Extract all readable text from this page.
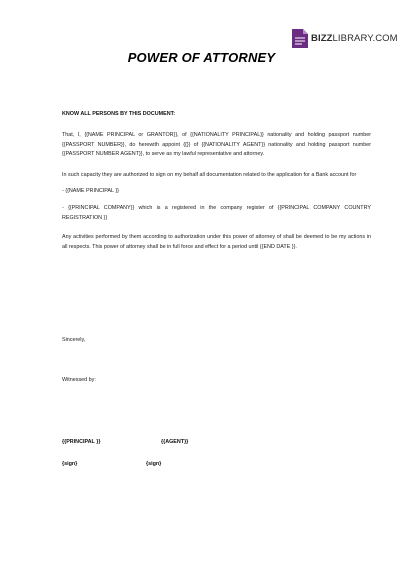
BIZZLIBRARY.COM
POWER OF ATTORNEY

KNOW ALL PERSONS BY THIS DOCUMENT:

That, I, {{NAME PRINCIPAL or GRANTOR}}, of {{NATIONALITY PRINCIPAL}} nationality and holding passport number {{PASSPORT NUMBER}}, do herewith appoint {{}} of {{NATIONALITY AGENT}} nationality and holding passport number {{PASSPORT NUMBER AGENT}}, to serve as my lawful representative and attorney.

In such capacity they are authorized to sign on my behalf all documentation related to the application for a Bank account for

- {{NAME PRINCIPAL }}

- {{PRINCIPAL COMPANY}} which is a registered in the company register of {{PRINCIPAL COMPANY COUNTRY REGISTRATION }}

Any activities performed by them according to authorization under this power of attorney of shall be deemed to be my actions in all respects. This power of attorney shall be in full force and effect for a period until {{END DATE }}.

Sincerely,
Witnessed by:
{{PRINCIPAL }}	{{AGENT}}
{sign}	{sign}
